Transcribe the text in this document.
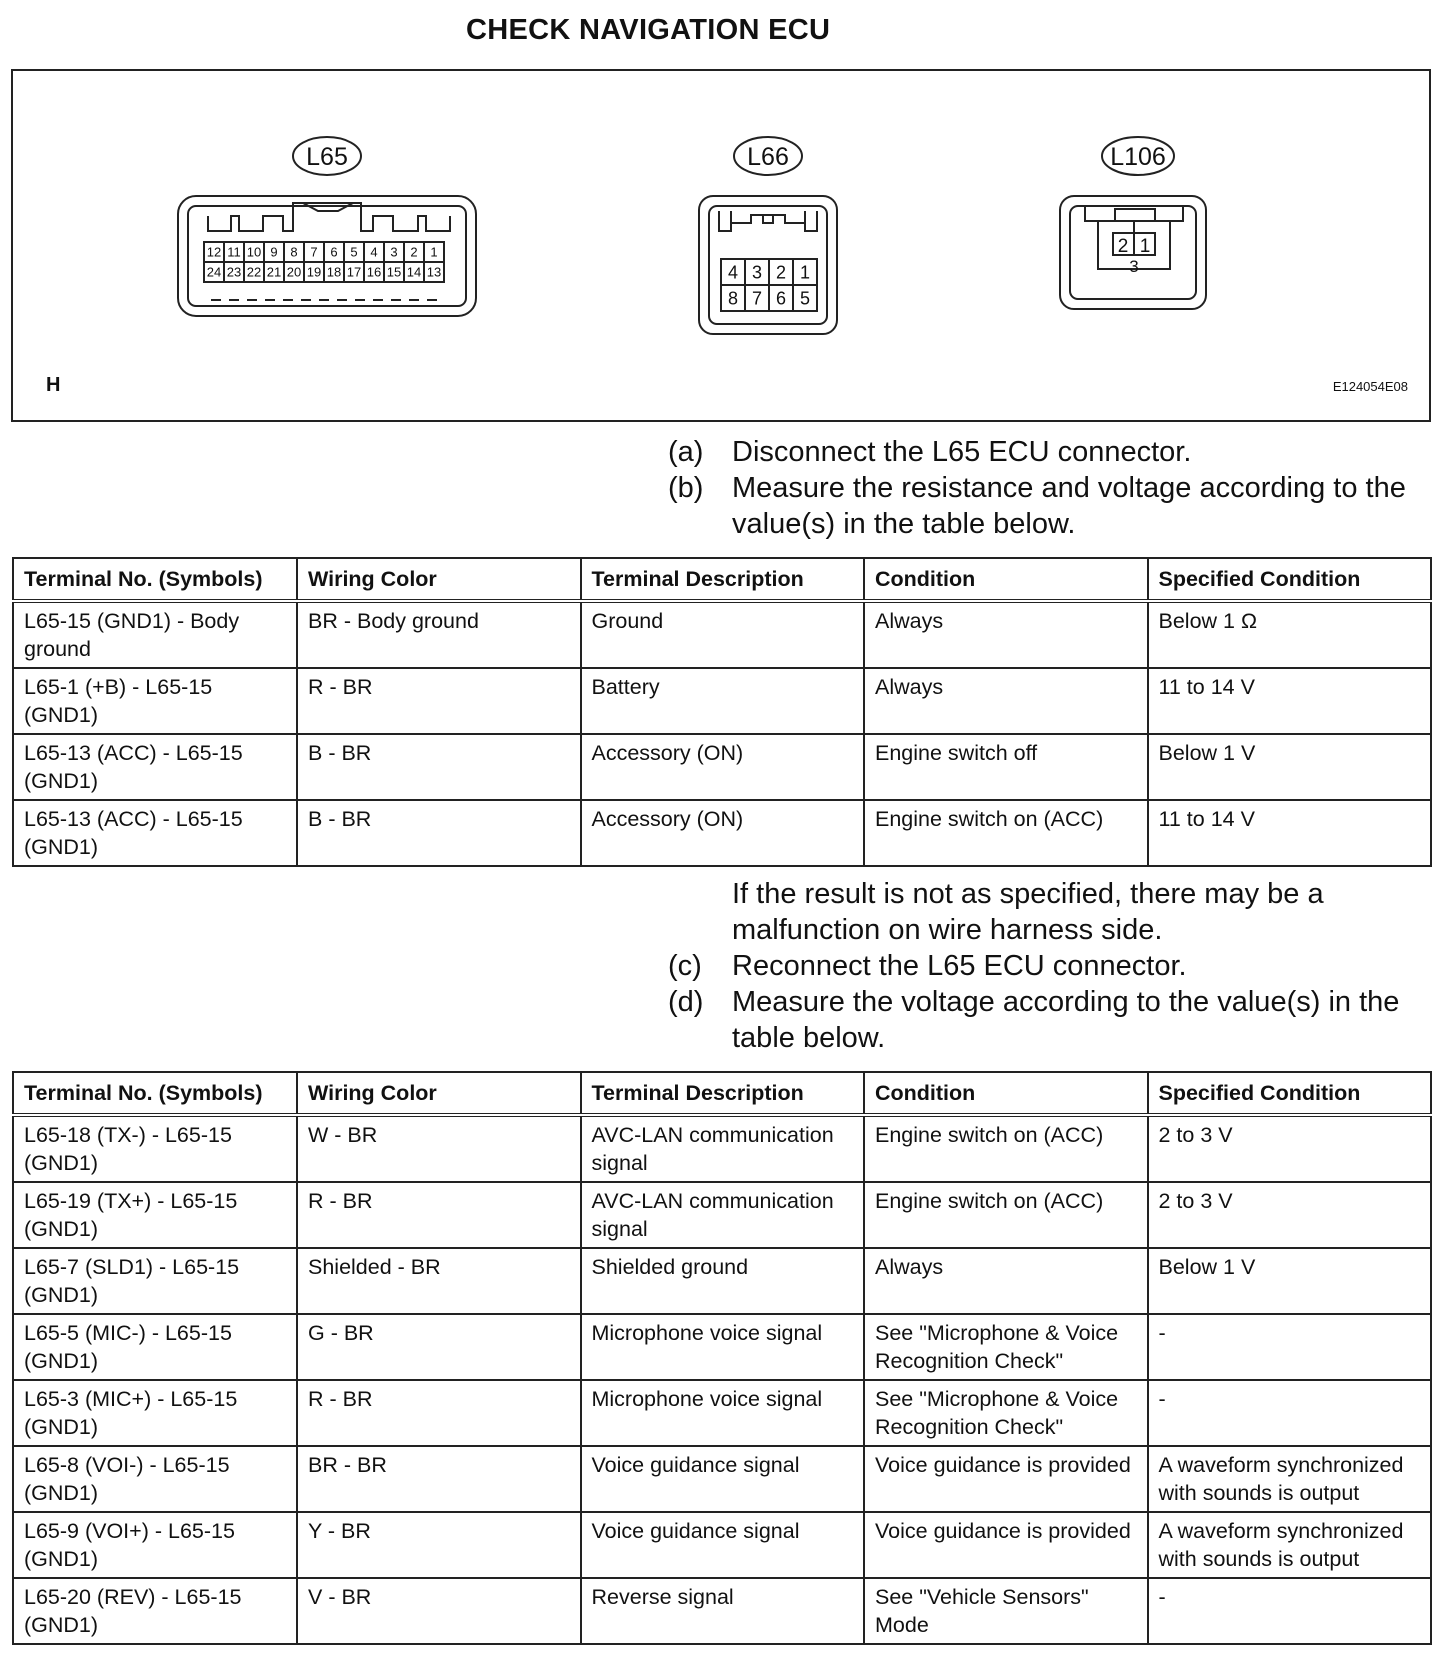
CHECK NAVIGATION ECU
L65
12 11 10 9 8 7 6 5 4 3 2 1
24 23 22 21 20 19 18 17 16 15 14 13
L66
4 3 2 1
8 7 6 5
L106
2 1
3
H	E124054E08
(a) Disconnect the L65 ECU connector.
(b) Measure the resistance and voltage according to the value(s) in the table below.
Terminal No. (Symbols)	Wiring Color	Terminal Description	Condition	Specified Condition
L65-15 (GND1) - Body ground	BR - Body ground	Ground	Always	Below 1 Ω
L65-1 (+B) - L65-15 (GND1)	R - BR	Battery	Always	11 to 14 V
L65-13 (ACC) - L65-15 (GND1)	B - BR	Accessory (ON)	Engine switch off	Below 1 V
L65-13 (ACC) - L65-15 (GND1)	B - BR	Accessory (ON)	Engine switch on (ACC)	11 to 14 V
If the result is not as specified, there may be a malfunction on wire harness side.
(c) Reconnect the L65 ECU connector.
(d) Measure the voltage according to the value(s) in the table below.
Terminal No. (Symbols)	Wiring Color	Terminal Description	Condition	Specified Condition
L65-18 (TX-) - L65-15 (GND1)	W - BR	AVC-LAN communication signal	Engine switch on (ACC)	2 to 3 V
L65-19 (TX+) - L65-15 (GND1)	R - BR	AVC-LAN communication signal	Engine switch on (ACC)	2 to 3 V
L65-7 (SLD1) - L65-15 (GND1)	Shielded - BR	Shielded ground	Always	Below 1 V
L65-5 (MIC-) - L65-15 (GND1)	G - BR	Microphone voice signal	See "Microphone & Voice Recognition Check"	-
L65-3 (MIC+) - L65-15 (GND1)	R - BR	Microphone voice signal	See "Microphone & Voice Recognition Check"	-
L65-8 (VOI-) - L65-15 (GND1)	BR - BR	Voice guidance signal	Voice guidance is provided	A waveform synchronized with sounds is output
L65-9 (VOI+) - L65-15 (GND1)	Y - BR	Voice guidance signal	Voice guidance is provided	A waveform synchronized with sounds is output
L65-20 (REV) - L65-15 (GND1)	V - BR	Reverse signal	See "Vehicle Sensors" Mode	-
